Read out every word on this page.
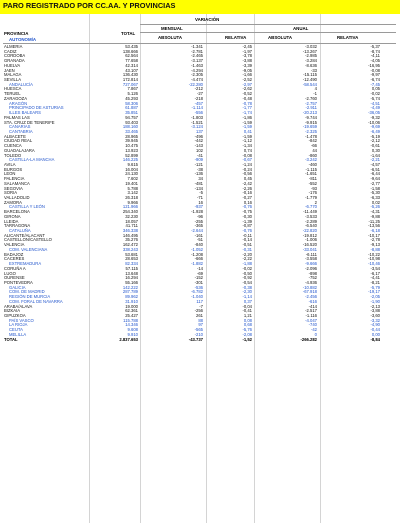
PARO REGISTRADO POR CC.AA. Y PROVINCIAS
VARIACIÓN
MENSUAL	ANUAL
PROVINCIA	TOTAL
ABSOLUTA	RELATIVA	ABSOLUTA	RELATIVA
AUTONOMÍA
ALMERIA	53.435	-1.341	-2,45	-3.032	-5,37
CADIZ	138.666	-2.781	-1,97	-13.267	-8,74
CORDOBA	62.564	-2.465	-3,78	-2.985	-4,11
GRANADA	77.658	-3.137	-3,88	-3.284	-4,05
HUELVA	42.314	-1.463	-3,39	-8.636	-16,95
JAEN	43.107	-4.294	-9,05	-33	-0,08
MALAGA	136.430	-2.305	-1,66	-15.115	-9,97
SEVILLA	172.814	-4.474	-2,52	-12.490	-6,74
ANDALUCÍA	727.067	-22.280	-2,97	-58.544	-7,45
HUESCA	7.867	-212	-2,62	4	0,05
TERUEL	5.126	-27	-0,52	-1	-0,02
ZARAGOZA	45.293	-218	-0,48	-2.760	-5,74
ARAGÓN	58.306	-457	-0,78	-2.757	-4,51
PRINCIPADO DE ASTURIAS	61.887	-1.114	-1,77	-2.911	-4,49
ILLES BALEARS	35.851	-556	-1,74	-20.213	-36,05
PALMAS LAS	94.757	-1.803	-1,86	-9.744	-9,32
STA. CRUZ DE TENERIFE	93.403	-1.521	-1,59	-9.915	-10,06
CANARIAS	188.160	-3.124	-1,59	-19.659	-9,69
CANTABRIA	33.465	137	0,41	-2.325	-6,49
ALBACETE	28.965	-496	-1,59	-1.478	-5,19
CIUDAD REAL	39.945	-442	-1,12	-842	-2,12
CUENCA	10.475	-143	-1,34	-66	-0,61
GUADALAJARA	13.923	102	0,74	44	0,30
TOLEDO	52.899	-41	-0,08	-860	-1,64
CASTILLA-LA MANCHA	146.225	-909	-0,67	-3.242	-2,21
AVILA	9.615	-121	-1,24	-460	-4,57
BURGOS	16.004	-38	-0,24	-1.115	-6,51
LEON	24.130	-136	-0,56	-1.651	-6,44
PALENCIA	7.602	34	0,45	-811	-9,64
SALAMANCA	19.401	-481	-2,42	-552	-2,77
SEGOVIA	5.788	-134	-2,26	-93	-1,58
SORIA	3.142	-5	-0,16	-176	-5,30
VALLADOLID	26.318	-71	-0,27	-1.779	-6,33
ZAMORA	9.966	16	0,16	2	0,02
CASTILLA Y LEÓN	121.966	-937	-0,76	-6.770	-5,26
BARCELONA	254.340	-1.928	-0,75	-11.449	-4,31
GIRONA	32.230	-96	-0,30	-3.533	-9,88
LLEIDA	18.057	-255	-1,39	-2.289	-11,25
TARRAGONA	41.711	-365	-0,87	-6.540	-13,56
CATALUÑA	346.338	-2.644	-0,76	-22.820	-6,18
ALICANTE/ALACANT	146.495	-161	-0,11	-19.812	-10,17
CASTELLON/CASTELLO	35.276	-51	-0,14	-1.006	-2,78
VALENCIA	162.472	-840	-0,51	-16.520	-9,13
COM. VALENCIANA	338.243	-1.052	-0,31	-33.041	-8,88
BADAJOZ	53.681	-1.208	-2,20	-6.111	-10,22
CACERES	28.653	-666	-2,22	-3.558	-10,98
EXTREMADURA	82.334	-1.882	-1,88	-9.666	-10,46
CORUÑA A	57.115	-14	-0,02	-2.096	-3,54
LUGO	13.648	-69	-0,50	-898	-6,17
OURENSE	16.294	-152	-0,92	-752	-4,41
PONTEVEDRA	55.166	-301	-0,54	-4.936	-8,21
GALICIA	142.222	-536	-0,38	-10.882	-5,79
COM. DE MADRID	287.789	-6.782	-2,30	-67.918	-19,17
REGIÓN DE MURCIA	89.962	-1.040	-1,14	-2.456	-2,05
COM. FORAL DE NAVARRA	31.910	117	0,37	-616	-1,90
ARABA/ALAVA	19.000	-7	-0,04	-414	-2,13
BIZKAIA	62.361	-256	-0,41	-2.517	-3,88
GIPUZKOA	25.427	261	1,21	-1.116	-3,60
PAÍS VASCO	115.788	88	0,08	-4.047	-3,32
LA RIOJA	14.346	97	0,68	-740	-4,90
CEUTA	9.608	-565	-5,76	-42	-0,44
MELILLA	9.910	-210	-2,08	0	0,00
TOTAL	2.837.653	-43.737	-1,52	-266.282	-8,84
